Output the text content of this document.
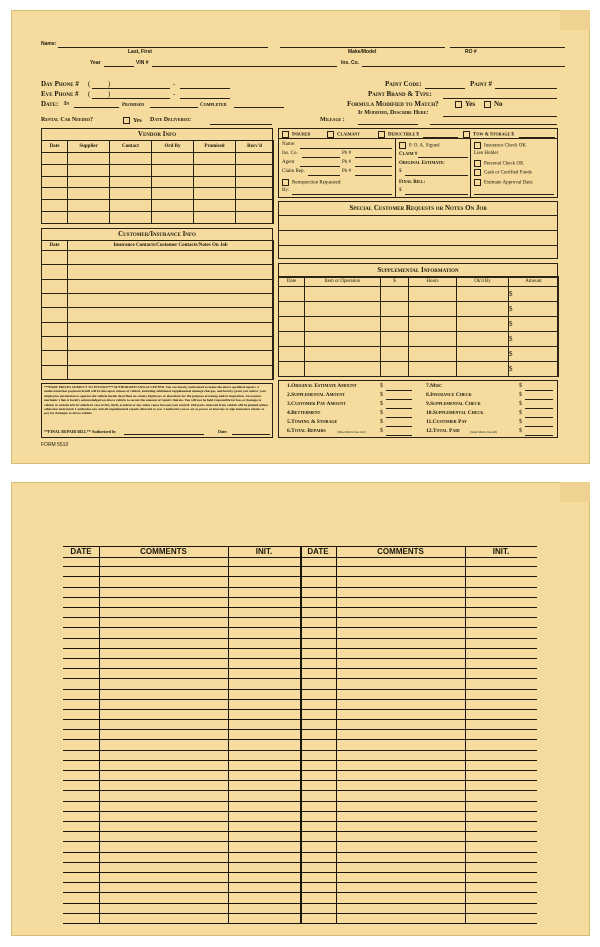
Name:
Last, First	Make/Model	RO #
Year	VIN #	Ins. Co.
Day Phone # (          )	-
Eve Phone # (          )	-
Date: In	Promised	Completed
Rental Car Needed?	Yes Date Delivered:
Paint Code:	Paint #
Paint Brand & Type:
Formula Modified to Match?	Yes	No
If Modified, Describe Here:
Mileage :
Vendor Info
Date	Supplier	Contact	Ord By	Promised	Recv'd

Insured	Claimant	Deductible $	Tow & Storage $
Name:
Ins. Co.	Ph #
Agent	Ph #
Claim Rep.	Ph #
Reinspection Requested:
By:
P. O. A. Signed
Claim #
Original Estimate:
$
Final Bill:
$
Insurance Check OK
Lien Holder
Personal Check OK
Cash or Certified Funds
Estimate Approval Date:
Special Customer Requests or Notes On Job
Customer/Insurance Info
Date	Insurance Contacts/Customer Contacts/Notes On Job

Supplemental Information
Date	Item or Operation	$	Hours	Ok'd By	Amount
					$
					$
					$
					$
					$
					$
***PART PRICES SUBJECT TO INVOICE***AUTHORIZED AND ACCEPTED. You are hereby authorized to make the above specified repairs. I understand that payment in full will be due upon release of vehicle, including additional supplemental damage charges, and hereby grant you and/or your employees permission to operate the vehicle herein described on streets, highways or elsewhere for the purpose of testing and/or inspection. An express mechanic's lien is hereby acknowledged on above vehicle to secure the amount of repairs thereto. You will not be held responsible for loss or damage to vehicle or articles left in vehicle in case of fire, theft, accident or any other cause beyond your control. Old parts removed from vehicle will be junked unless otherwise instructed. I authorize any and all supplemental repairs directed to you. I authorize you to act as power of attorney to sign insurance checks to pay for damages to above vehicle.
**FINAL REPAIR BILL** Authorized by	Date:
1.Original Estimate Amount	$
2.Supplemental Amount	$
3.Customer Pay Amount	$
4.Betterment	$
5.Towing & Storage	$
6.Total Repairs	(Must Match Line #12) $
7.Misc	$
8.Insurance Check	$
9.Supplemental Check	$
10.Supplemental Check	$
11.Customer Pay	$
12.Total Paid	(Must Match Line #6)	$
FORM 5510
DATE	COMMENTS	INIT.	DATE	COMMENTS	INIT.
